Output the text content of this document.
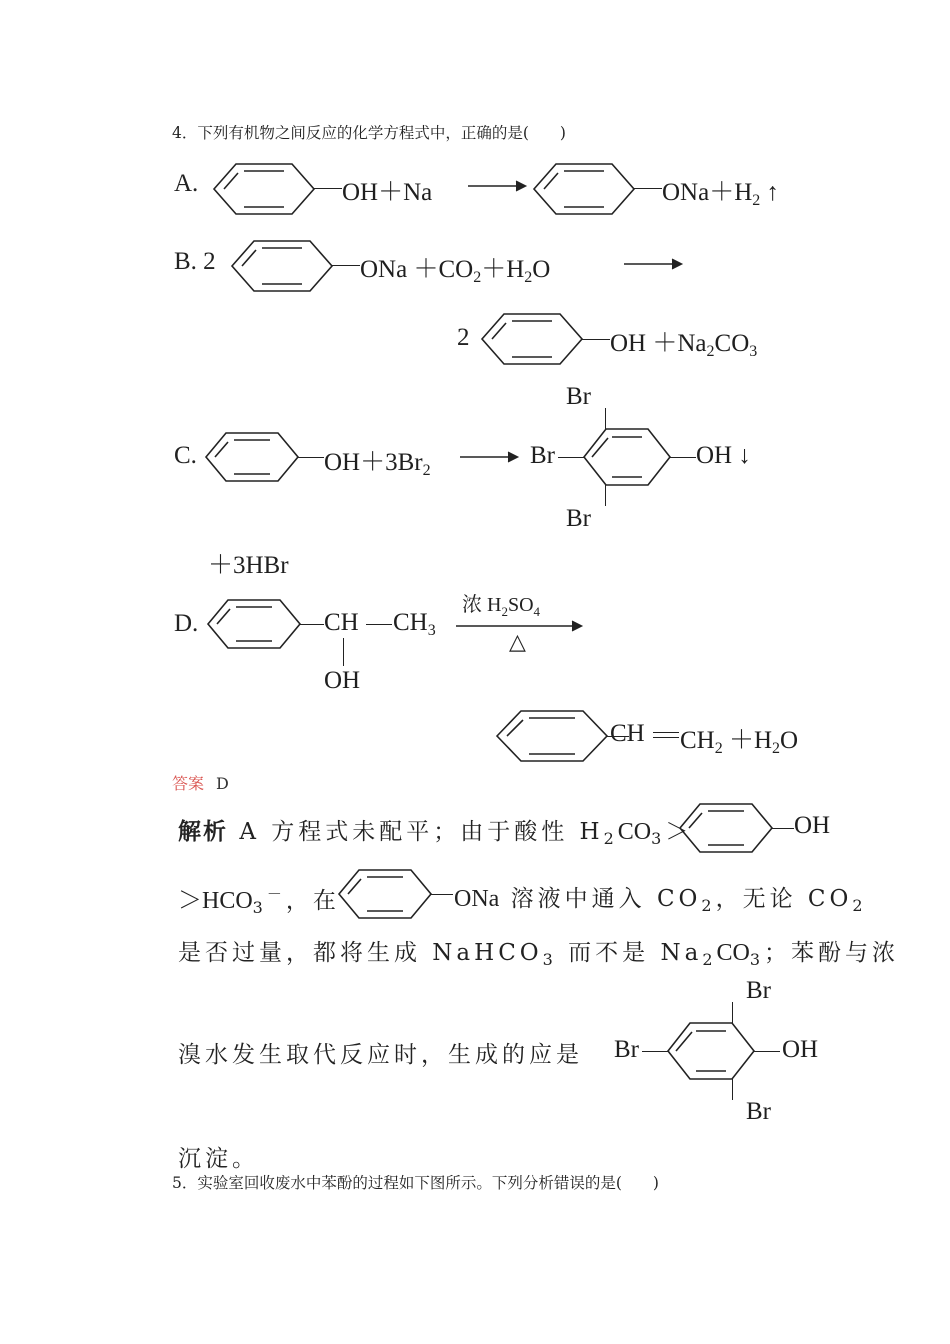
4．下列有机物之间反应的化学方程式中，正确的是(　　)
A.	OH＋Na	$ONa+H_2$ ↑
B. 2	ONa $+CO_2+H_2O$
2	OH $+Na_2CO_3$
C.	$OH+3Br_2$
→ Br
Br
Br
OH ↓
＋3HBr
D.	CH $CH_3$
OH
浓 $H_2SO_4$
△
CH $CH_2 +H_2O$
答案 D
解析 A 方程式未配平；由于酸性 $H_2CO_3>$	OH
$>HCO_3^-$，在	ONa 溶液中通入 $CO_2$，无论 $CO_2$
是否过量，都将生成 NaHCO$_3$ 而不是 $Na_2CO_3$；苯酚与浓
溴水发生取代反应时，生成的应是 Br
Br
Br
OH
沉淀。
5．实验室回收废水中苯酚的过程如下图所示。下列分析错误的是(　　)
